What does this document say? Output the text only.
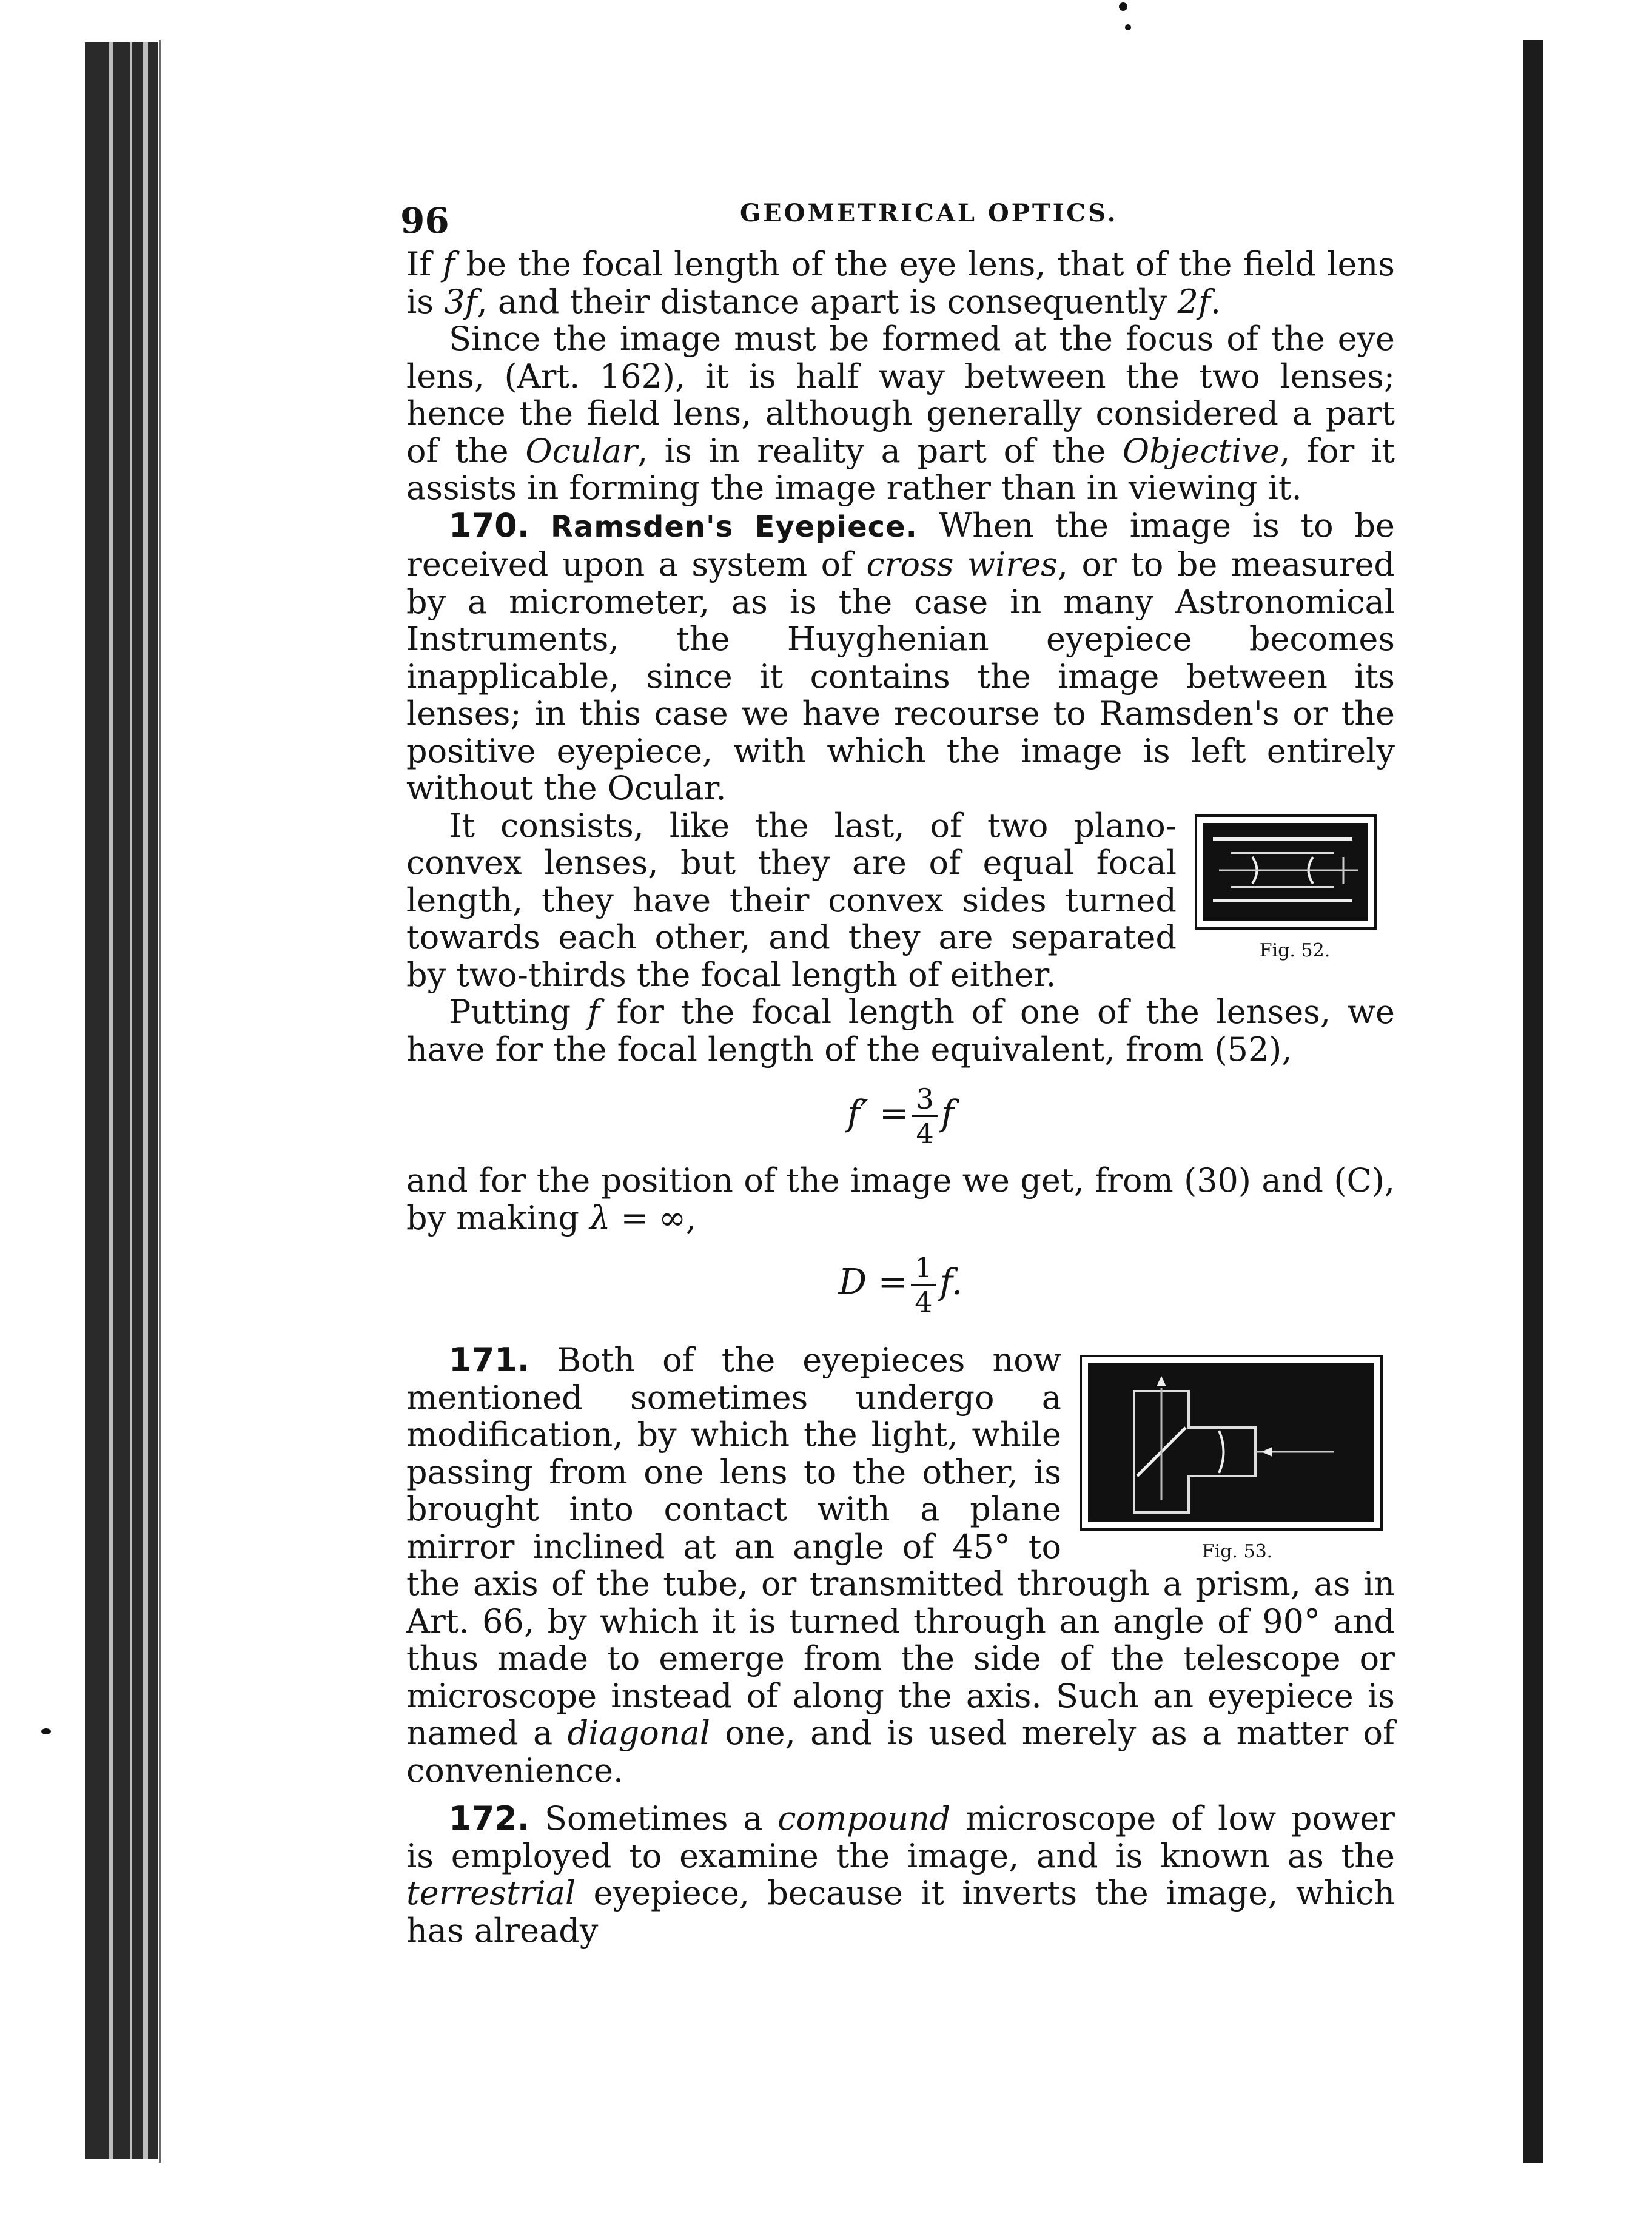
96	GEOMETRICAL OPTICS.

If f be the focal length of the eye lens, that of the field lens is 3f, and their distance apart is consequently 2f.

Since the image must be formed at the focus of the eye lens, (Art. 162), it is half way between the two lenses; hence the field lens, although generally considered a part of the Ocular, is in reality a part of the Objective, for it assists in forming the image rather than in viewing it.

170. Ramsden's Eyepiece. When the image is to be received upon a system of cross wires, or to be measured by a micrometer, as is the case in many Astronomical Instruments, the Huyghenian eyepiece becomes inapplicable, since it contains the image between its lenses; in this case we have recourse to Ramsden's or the positive eyepiece, with which the image is left entirely without the Ocular.

Fig. 52.

It consists, like the last, of two plano-convex lenses, but they are of equal focal length, they have their convex sides turned towards each other, and they are separated by two-thirds the focal length of either.

Putting f for the focal length of one of the lenses, we have for the focal length of the equivalent, from (52),

$f' = \frac{3}{4}$ f

and for the position of the image we get, from (30) and (C), by making λ = ∞,

$D = \frac{1}{4} f$.
Fig. 53.

171. Both of the eyepieces now mentioned sometimes undergo a modification, by which the light, while passing from one lens to the other, is brought into contact with a plane mirror inclined at an angle of 45° to the axis of the tube, or transmitted through a prism, as in Art. 66, by which it is turned through an angle of 90° and thus made to emerge from the side of the telescope or microscope instead of along the axis. Such an eyepiece is named a diagonal one, and is used merely as a matter of convenience.

172. Sometimes a compound microscope of low power is employed to examine the image, and is known as the terrestrial eyepiece, because it inverts the image, which has already
